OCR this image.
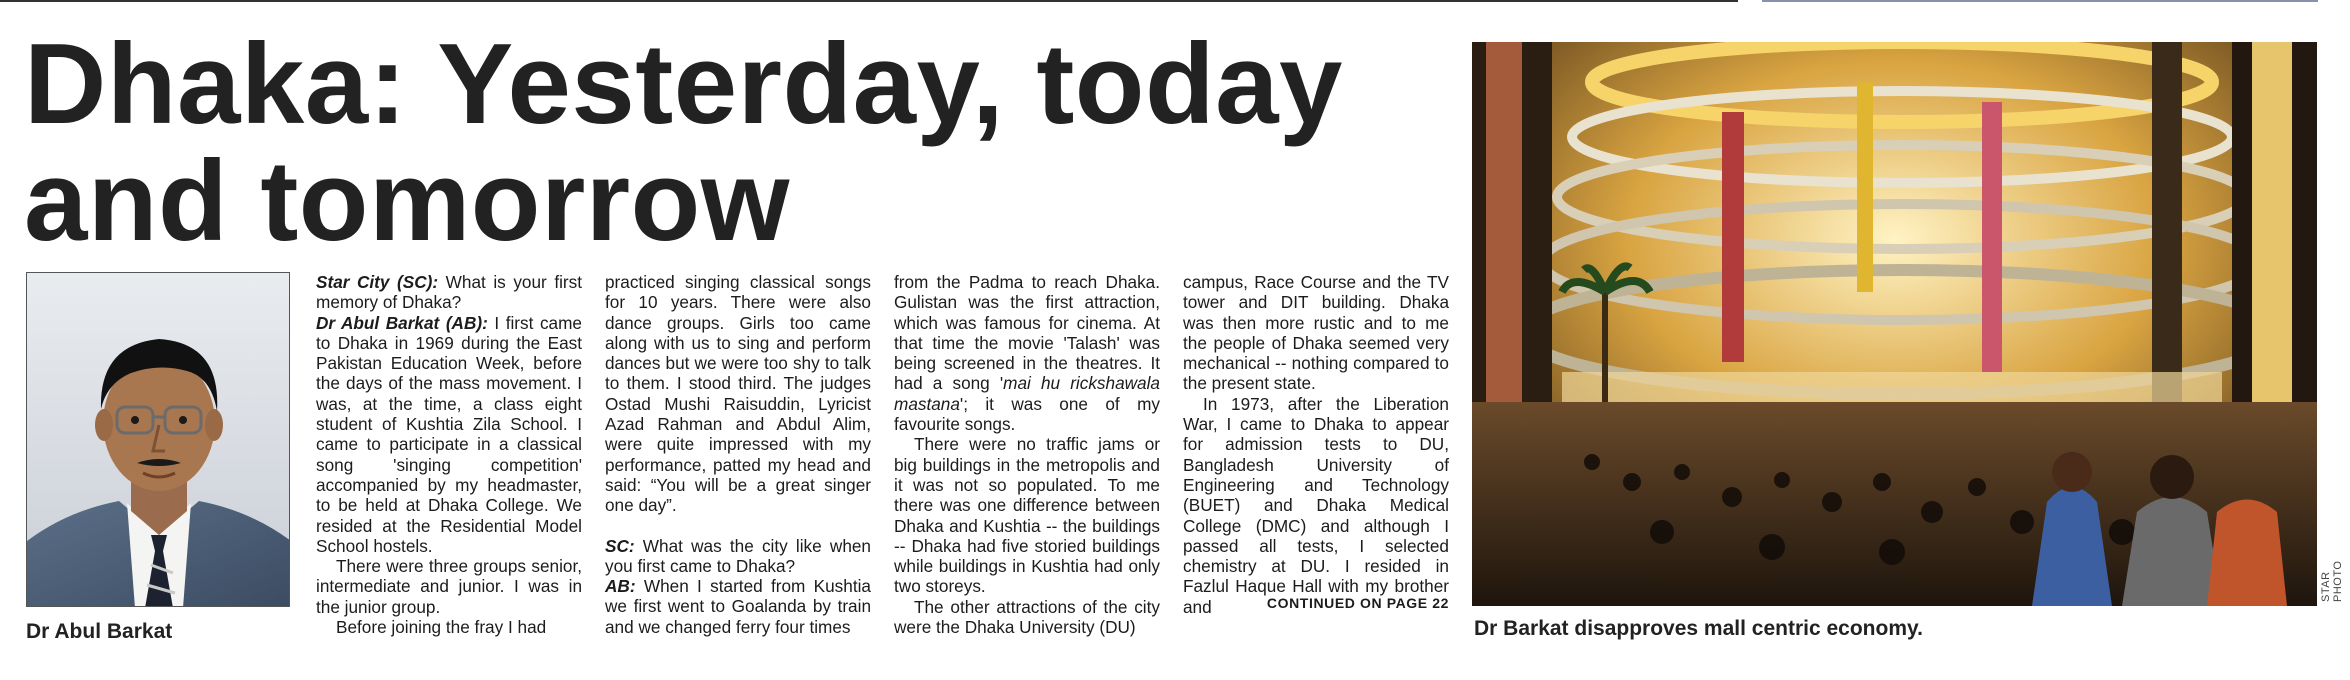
Dhaka: Yesterday, today and tomorrow
Dr Abul Barkat

Star City (SC): What is your first memory of Dhaka?

Dr Abul Barkat (AB): I first came to Dhaka in 1969 during the East Pakistan Education Week, before the days of the mass movement. I was, at the time, a class eight student of Kushtia Zila School. I came to participate in a classical song 'singing competition' accompanied by my headmaster, to be held at Dhaka College. We resided at the Residential Model School hostels.

There were three groups senior, intermediate and junior. I was in the junior group.

Before joining the fray I had

practiced singing classical songs for 10 years. There were also dance groups. Girls too came along with us to sing and perform dances but we were too shy to talk to them. I stood third. The judges Ostad Mushi Raisuddin, Lyricist Azad Rahman and Abdul Alim, were quite impressed with my performance, patted my head and said: “You will be a great singer one day”.

SC: What was the city like when you first came to Dhaka?

AB: When I started from Kushtia we first went to Goalanda by train and we changed ferry four times

from the Padma to reach Dhaka. Gulistan was the first attraction, which was famous for cinema. At that time the movie 'Talash' was being screened in the theatres. It had a song 'mai hu rickshawala mastana'; it was one of my favourite songs.

There were no traffic jams or big buildings in the metropolis and it was not so populated. To me there was one difference between Dhaka and Kushtia -- the buildings -- Dhaka had five storied buildings while buildings in Kushtia had only two storeys.

The other attractions of the city were the Dhaka University (DU)

campus, Race Course and the TV tower and DIT building. Dhaka was then more rustic and to me the people of Dhaka seemed very mechanical -- nothing compared to the present state.

In 1973, after the Liberation War, I came to Dhaka to appear for admission tests to DU, Bangladesh University of Engineering and Technology (BUET) and Dhaka Medical College (DMC) and although I passed all tests, I selected chemistry at DU. I resided in Fazlul Haque Hall with my brother and	CONTINUED ON PAGE 22
STAR PHOTO
Dr Barkat disapproves mall centric economy.
